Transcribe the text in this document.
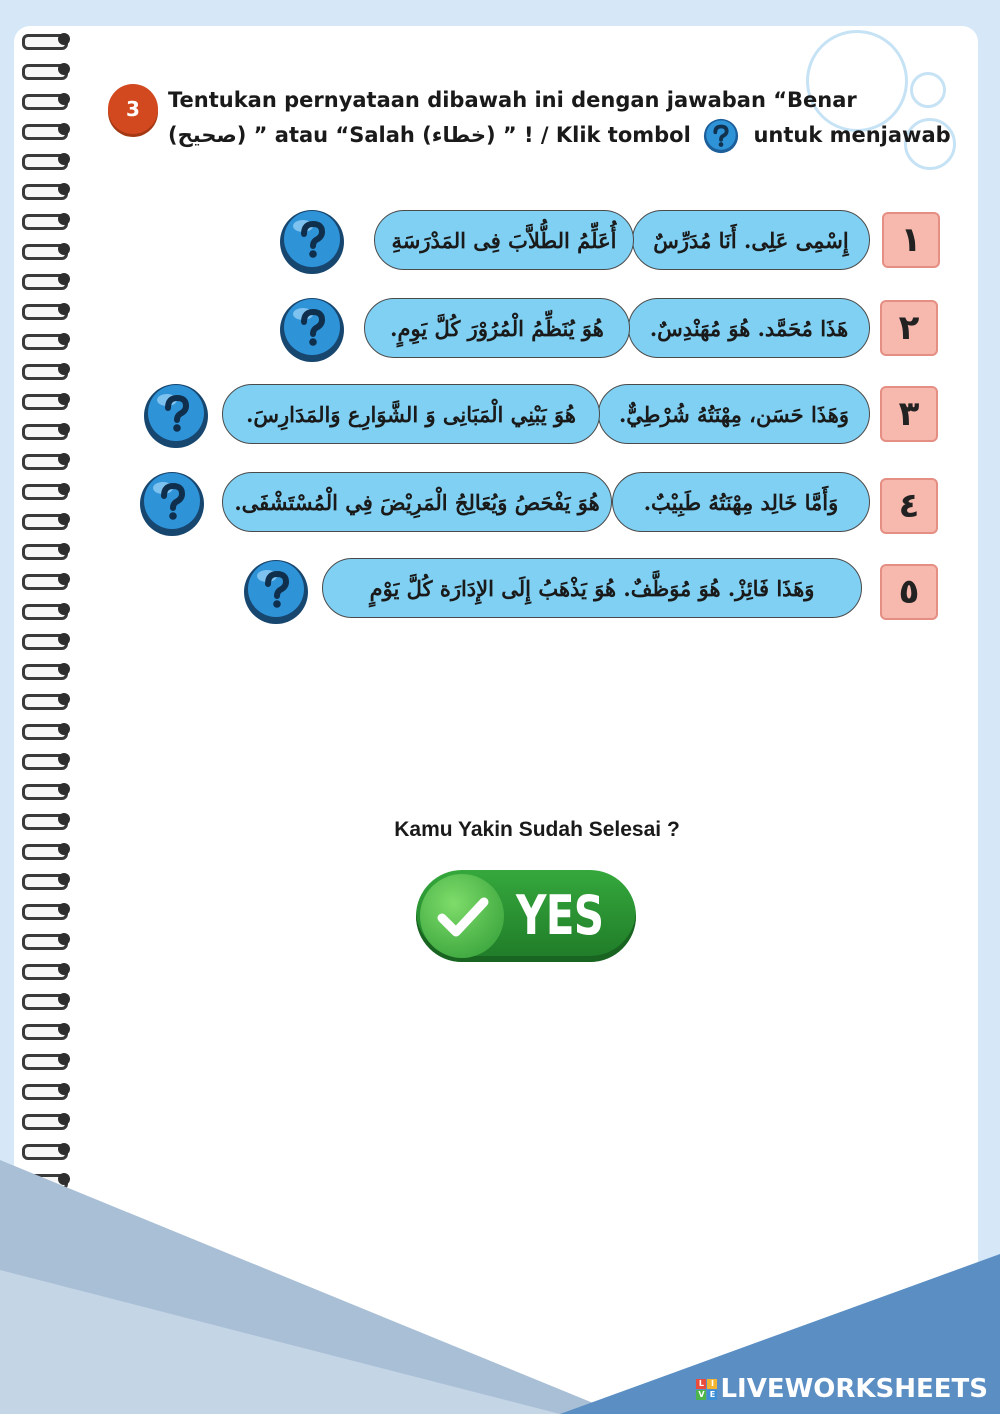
3	Tentukan pernyataan dibawah ini dengan jawaban “Benar
(صحيح) ” atau “Salah (خطاء) ” ! / Klik tombol	untuk menjawab
١
إِسْمِى عَلِى. أَنَا مُدَرِّسٌ
أُعَلِّمُ الطُّلاَّبَ فِى المَدْرَسَةِ
٢
هَذَا مُحَمَّد. هُوَ مُهَنْدِسٌ.
هُوَ يُنَظِّمُ الْمُرُوْرَ كُلَّ يَوِمٍ.
٣
وَهَذَا حَسَن، مِهْنَتُهُ شُرْطِيٌّ.
هُوَ يَبْنِي الْمَبَانِى وَ الشَّوَارِع وَالمَدَارِسَ.
٤
وَأَمَّا خَالِد مِهْنَتُهُ طَبِيْبٌ.
هُوَ يَفْحَصُ وَيُعَالِجُ الْمَرِيْضَ فِي الْمُسْتَشْفَى.
٥
وَهَذَا فَائِزْ. هُوَ مُوَظَّفٌ. هُوَ يَذْهَبُ إِلَى الإِدَارَة كُلَّ يَوْمٍ
Kamu Yakin Sudah Selesai ?
YES
L I
V E LIVEWORKSHEETS
